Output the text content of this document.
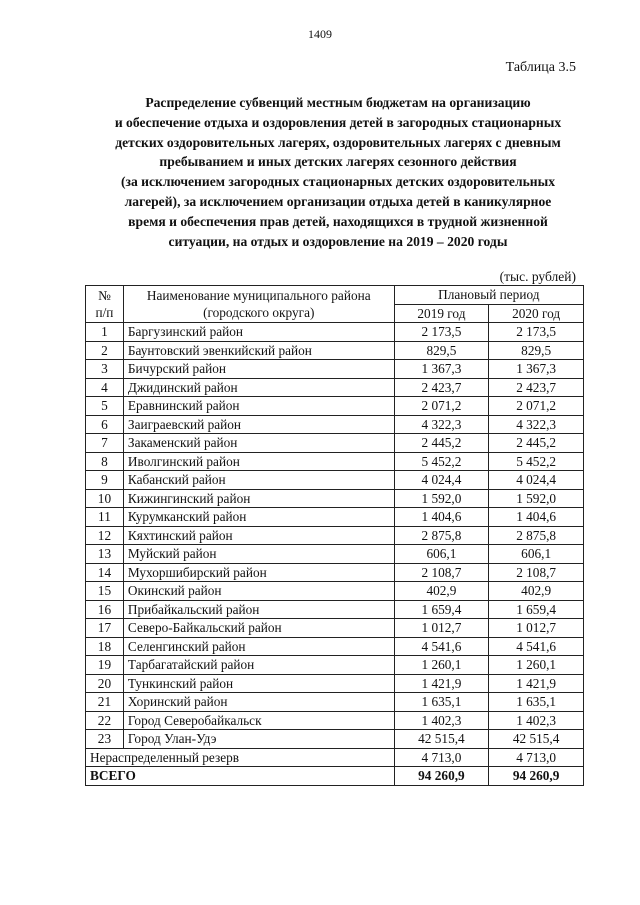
1409
Таблица 3.5
Распределение субвенций местным бюджетам на организацию
и обеспечение отдыха и оздоровления детей в загородных стационарных
детских оздоровительных лагерях, оздоровительных лагерях с дневным
пребыванием и иных детских лагерях сезонного действия
(за исключением загородных стационарных детских оздоровительных
лагерей), за исключением организации отдыха детей в каникулярное
время и обеспечения прав детей, находящихся в трудной жизненной
ситуации, на отдых и оздоровление на 2019 – 2020 годы
(тыс. рублей)
№
п/п	Наименование муниципального района
(городского округа)	Плановый период	
		2019 год	2020 год
1	Баргузинский район	2 173,5	2 173,5
2	Баунтовский эвенкийский район	829,5	829,5
3	Бичурский район	1 367,3	1 367,3
4	Джидинский район	2 423,7	2 423,7
5	Еравнинский район	2 071,2	2 071,2
6	Заиграевский район	4 322,3	4 322,3
7	Закаменский район	2 445,2	2 445,2
8	Иволгинский район	5 452,2	5 452,2
9	Кабанский район	4 024,4	4 024,4
10	Кижингинский район	1 592,0	1 592,0
11	Курумканский район	1 404,6	1 404,6
12	Кяхтинский район	2 875,8	2 875,8
13	Муйский район	606,1	606,1
14	Мухоршибирский район	2 108,7	2 108,7
15	Окинский район	402,9	402,9
16	Прибайкальский район	1 659,4	1 659,4
17	Северо-Байкальский район	1 012,7	1 012,7
18	Селенгинский район	4 541,6	4 541,6
19	Тарбагатайский район	1 260,1	1 260,1
20	Тункинский район	1 421,9	1 421,9
21	Хоринский район	1 635,1	1 635,1
22	Город Северобайкальск	1 402,3	1 402,3
23	Город Улан-Удэ	42 515,4	42 515,4
Нераспределенный резерв		4 713,0	4 713,0
ВСЕГО		94 260,9	94 260,9
